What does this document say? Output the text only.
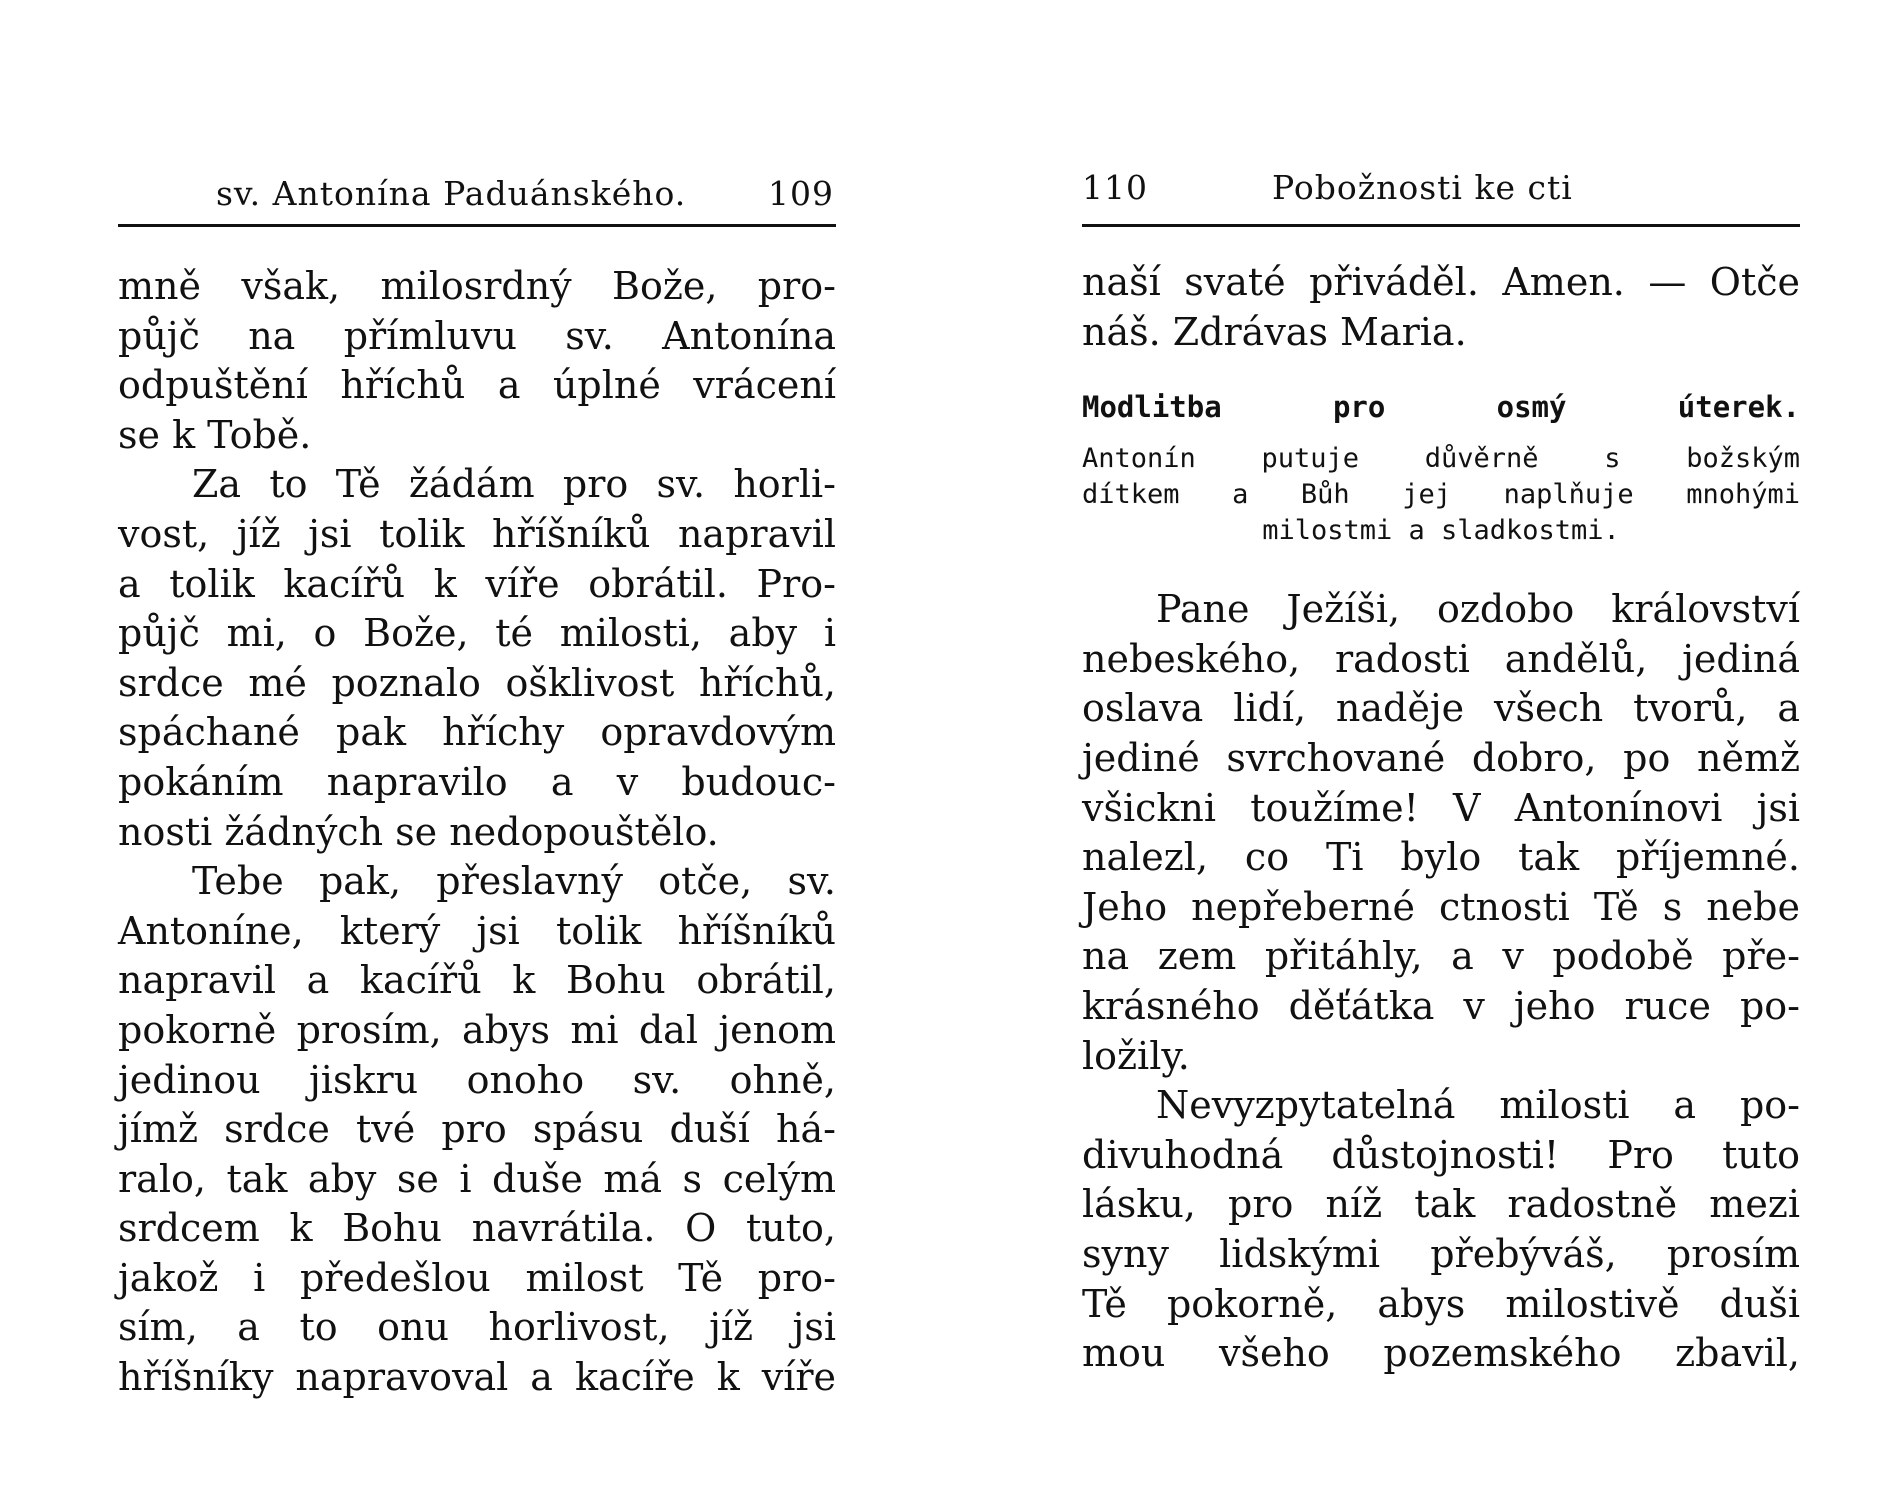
sv. Antonína Paduánského. 109
mně však, milosrdný Bože, pro-
půjč na přímluvu sv. Antonína
odpuštění hříchů a úplné vrácení
se k Tobě.
Za to Tě žádám pro sv. horli-
vost, jíž jsi tolik hříšníků napravil
a tolik kacířů k víře obrátil. Pro-
půjč mi, o Bože, té milosti, aby i
srdce mé poznalo ošklivost hříchů,
spáchané pak hříchy opravdovým
pokáním napravilo a v budouc-
nosti žádných se nedopouštělo.
Tebe pak, přeslavný otče, sv.
Antoníne, který jsi tolik hříšníků
napravil a kacířů k Bohu obrátil,
pokorně prosím, abys mi dal jenom
jedinou jiskru onoho sv. ohně,
jímž srdce tvé pro spásu duší há-
ralo, tak aby se i duše má s celým
srdcem k Bohu navrátila. O tuto,
jakož i předešlou milost Tě pro-
sím, a to onu horlivost, jíž jsi
hříšníky napravoval a kacíře k víře
110	Pobožnosti ke cti
naší svaté přiváděl. Amen. — Otče
náš. Zdrávas Maria.
Modlitba pro osmý úterek.
Antonín putuje důvěrně s božským
dítkem a Bůh jej naplňuje mnohými
milostmi a sladkostmi.
Pane Ježíši, ozdobo království
nebeského, radosti andělů, jediná
oslava lidí, naděje všech tvorů, a
jediné svrchované dobro, po němž
všickni toužíme! V Antonínovi jsi
nalezl, co Ti bylo tak příjemné.
Jeho nepřeberné ctnosti Tě s nebe
na zem přitáhly, a v podobě pře-
krásného děťátka v jeho ruce po-
ložily.
Nevyzpytatelná milosti a po-
divuhodná důstojnosti! Pro tuto
lásku, pro níž tak radostně mezi
syny lidskými přebýváš, prosím
Tě pokorně, abys milostivě duši
mou všeho pozemského zbavil,
